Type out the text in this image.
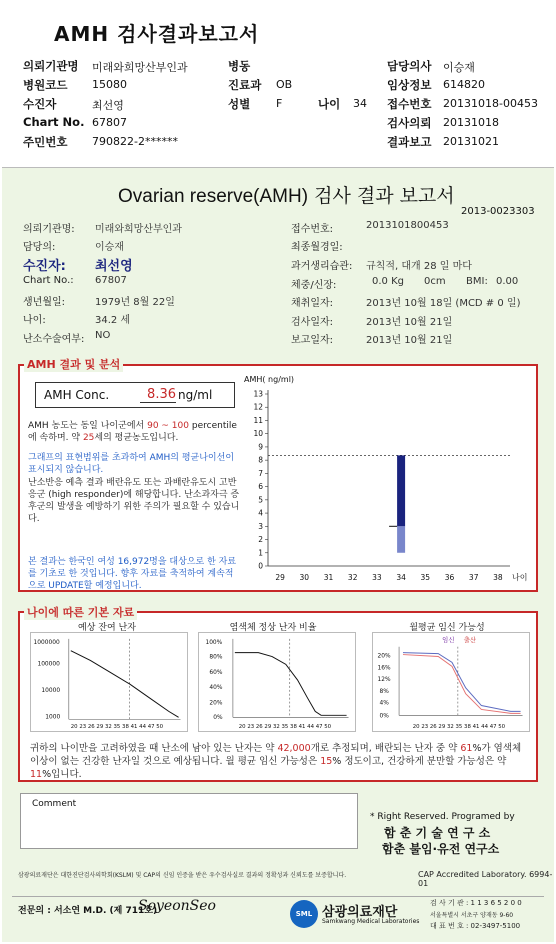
AMH 검사결과보고서
의뢰기관명 미래와희망산부인과	병동	담당의사 이승재
병원코드 15080	진료과 OB	임상정보 614820
수진자	최선영	성별 F	나이 34 접수번호 20131018-00453
Chart No. 67807	검사의뢰 20131018
주민번호 790822-2******	결과보고 20131021
Ovarian reserve(AMH) 검사 결과 보고서
2013-0023303
의뢰기관명: 미래와희망산부인과
담당의:	이승재
수진자: 최선영
Chart No.: 67807
생년월일:	1979년 8월 22일
나이:	34.2 세
난소수술여부: NO
접수번호:	2013101800453
최종월경일:
과거생리습관: 규칙적, 대개 28 일 마다
체중/신장:	0.0 Kg 0cm BMI: 0.00
채취일자:	2013년 10월 18일 (MCD # 0 일)
검사일자:	2013년 10월 21일
보고일자:	2013년 10월 21일
AMH 결과 및 분석
AMH Conc.	8.36 ng/ml
AMH 농도는 동일 나이군에서 90 ~ 100 percentile에 속하며. 약 25세의 평균농도입니다.
그래프의 표현범위를 초과하여 AMH의 평균나이선이 표시되지 않습니다.
난소반응 예측 결과 배란유도 또는 과배란유도시 고반응군 (high responder)에 해당합니다. 난소과자극 증후군의 발생을 예방하기 위한 주의가 필요할 수 있습니다.
본 결과는 한국인 여성 16,972명을 대상으로 한 자료를 기초로 한 것입니다. 향후 자료를 축적하여 계속적으로 UPDATE할 예정입니다.
AMH( ng/ml)
0
1
2
3
4
5
6
7
8
9
10
11
12
13
29 30 31 32 33 34 35 36 37 38 나이
나이에 따른 기본 자료
예상 잔여 난자	염색체 정상 난자 비율	월평균 임신 가능성
1000000
100000
10000
1000
20 23 26 29 32 35 38 41 44 47 50
100%
80%
60%
40%
20%
0%
20 23 26 29 32 35 38 41 44 47 50
20%
16%
12%
8%
4%
0%
20 23 26 29 32 35 38 41 44 47 50
임신 출산
귀하의 나이만을 고려하였을 때 난소에 남아 있는 난자는 약 42,000개로 추정되며, 배란되는 난자 중 약 61%가 염색체이상이 없는 건강한 난자일 것으로 예상됩니다. 월 평균 임신 가능성은 15% 정도이고, 건강하게 분만할 가능성은 약 11%입니다.
Comment
* Right Reserved. Programed by
함 춘 기 술 연 구 소
함춘 불임·유전 연구소
삼광의료재단은 대한진단검사의학회(KSLM) 및 CAP의 신임 인증을 받은 우수검사실로 결과의 정확성과 신뢰도를 보증합니다.	CAP Accredited Laboratory. 6994-01
전문의 : 서소연 M.D. (제 711호)
SoyeonSeo	SML 삼광의료재단
Samkwang Medical Laboratories
검 사 기 관 : 1 1 3 6 5 2 0 0
서울특별시 서초구 양재동 9-60
대 표 번 호 : 02-3497-5100
